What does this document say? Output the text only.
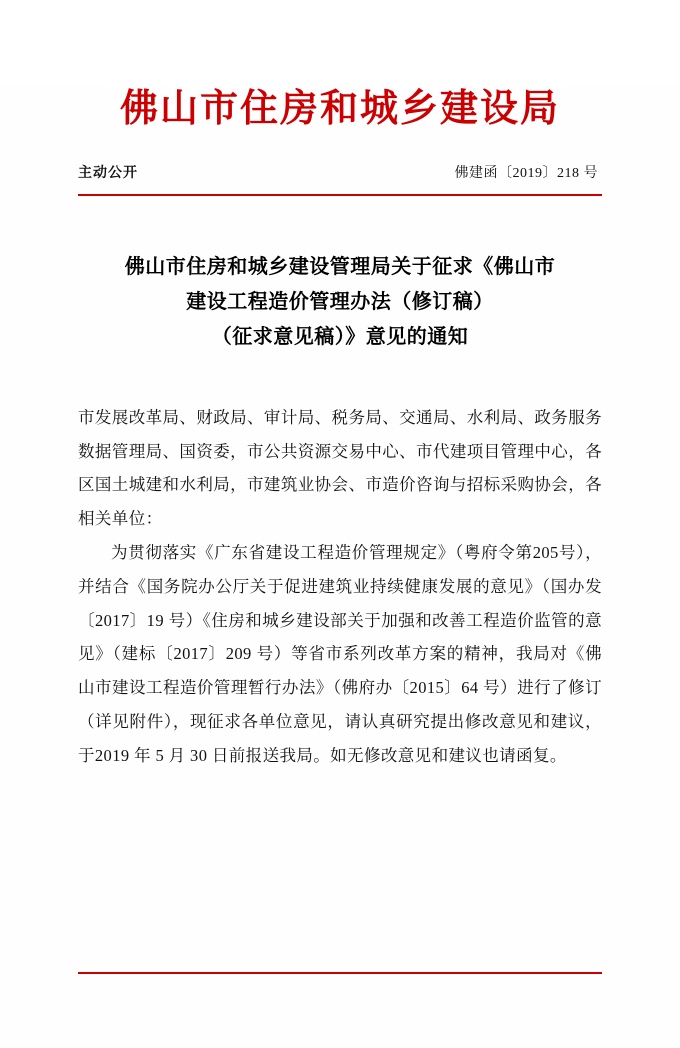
佛山市住房和城乡建设局
主动公开	佛建函〔2019〕218 号
佛山市住房和城乡建设管理局关于征求《佛山市
建设工程造价管理办法（修订稿）
（征求意见稿）》意见的通知

市发展改革局、财政局、审计局、税务局、交通局、水利局、政务服务数据管理局、国资委，市公共资源交易中心、市代建项目管理中心，各区国土城建和水利局，市建筑业协会、市造价咨询与招标采购协会，各相关单位：

为贯彻落实《广东省建设工程造价管理规定》（粤府令第205号），并结合《国务院办公厅关于促进建筑业持续健康发展的意见》（国办发〔2017〕19 号）《住房和城乡建设部关于加强和改善工程造价监管的意见》（建标〔2017〕209 号）等省市系列改革方案的精神，我局对《佛山市建设工程造价管理暂行办法》（佛府办〔2015〕64 号）进行了修订（详见附件），现征求各单位意见，请认真研究提出修改意见和建议，于2019 年 5 月 30 日前报送我局。如无修改意见和建议也请函复。
